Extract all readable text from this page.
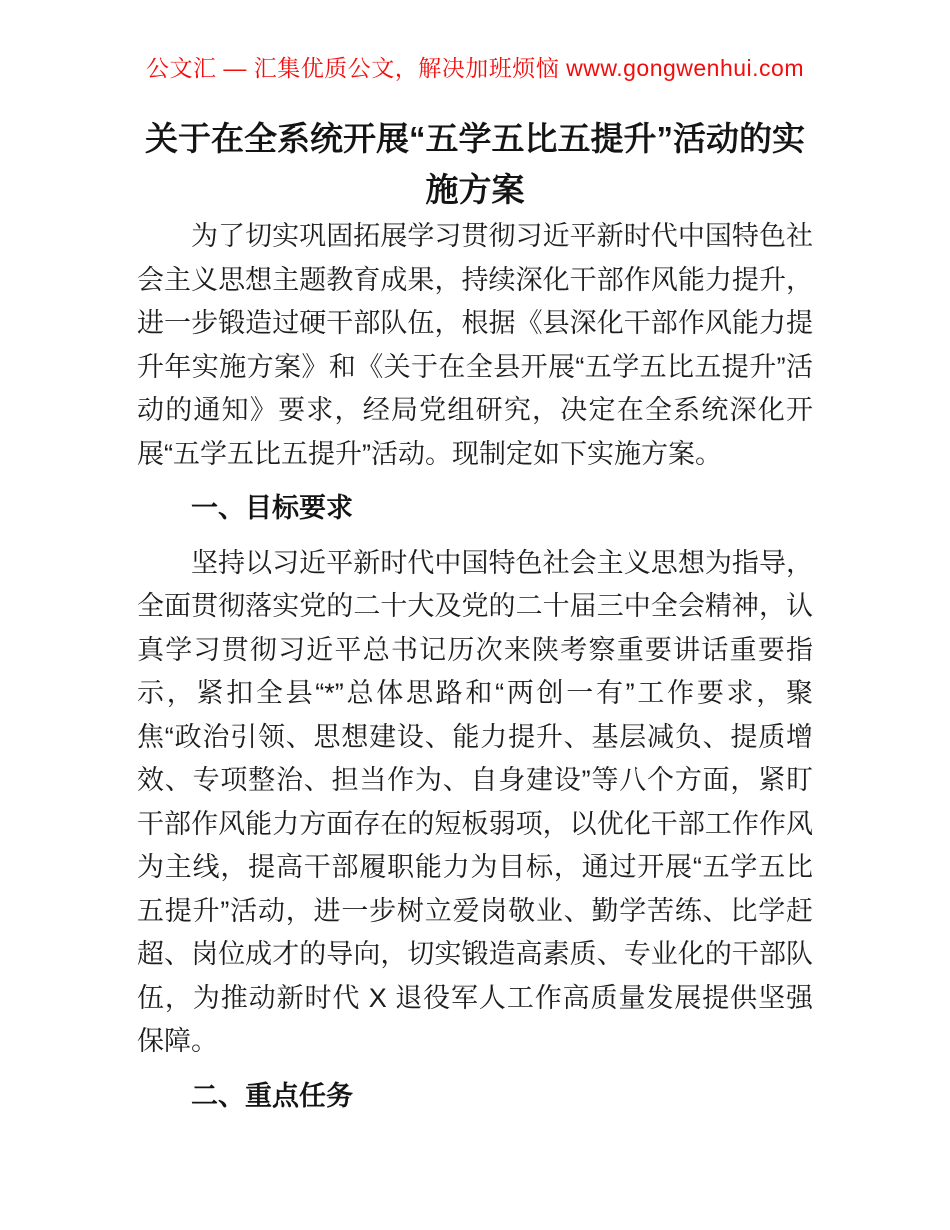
公文汇 — 汇集优质公文，解决加班烦恼 www.gongwenhui.com
关于在全系统开展“五学五比五提升”活动的实施方案

为了切实巩固拓展学习贯彻习近平新时代中国特色社会主义思想主题教育成果，持续深化干部作风能力提升，进一步锻造过硬干部队伍，根据《县深化干部作风能力提升年实施方案》和《关于在全县开展“五学五比五提升”活动的通知》要求，经局党组研究，决定在全系统深化开展“五学五比五提升”活动。现制定如下实施方案。

一、目标要求

坚持以习近平新时代中国特色社会主义思想为指导，全面贯彻落实党的二十大及党的二十届三中全会精神，认真学习贯彻习近平总书记历次来陕考察重要讲话重要指示，紧扣全县“*”总体思路和“两创一有”工作要求，聚焦“政治引领、思想建设、能力提升、基层减负、提质增效、专项整治、担当作为、自身建设”等八个方面，紧盯干部作风能力方面存在的短板弱项，以优化干部工作作风为主线，提高干部履职能力为目标，通过开展“五学五比五提升”活动，进一步树立爱岗敬业、勤学苦练、比学赶超、岗位成才的导向，切实锻造高素质、专业化的干部队伍，为推动新时代 X 退役军人工作高质量发展提供坚强保障。

二、重点任务
